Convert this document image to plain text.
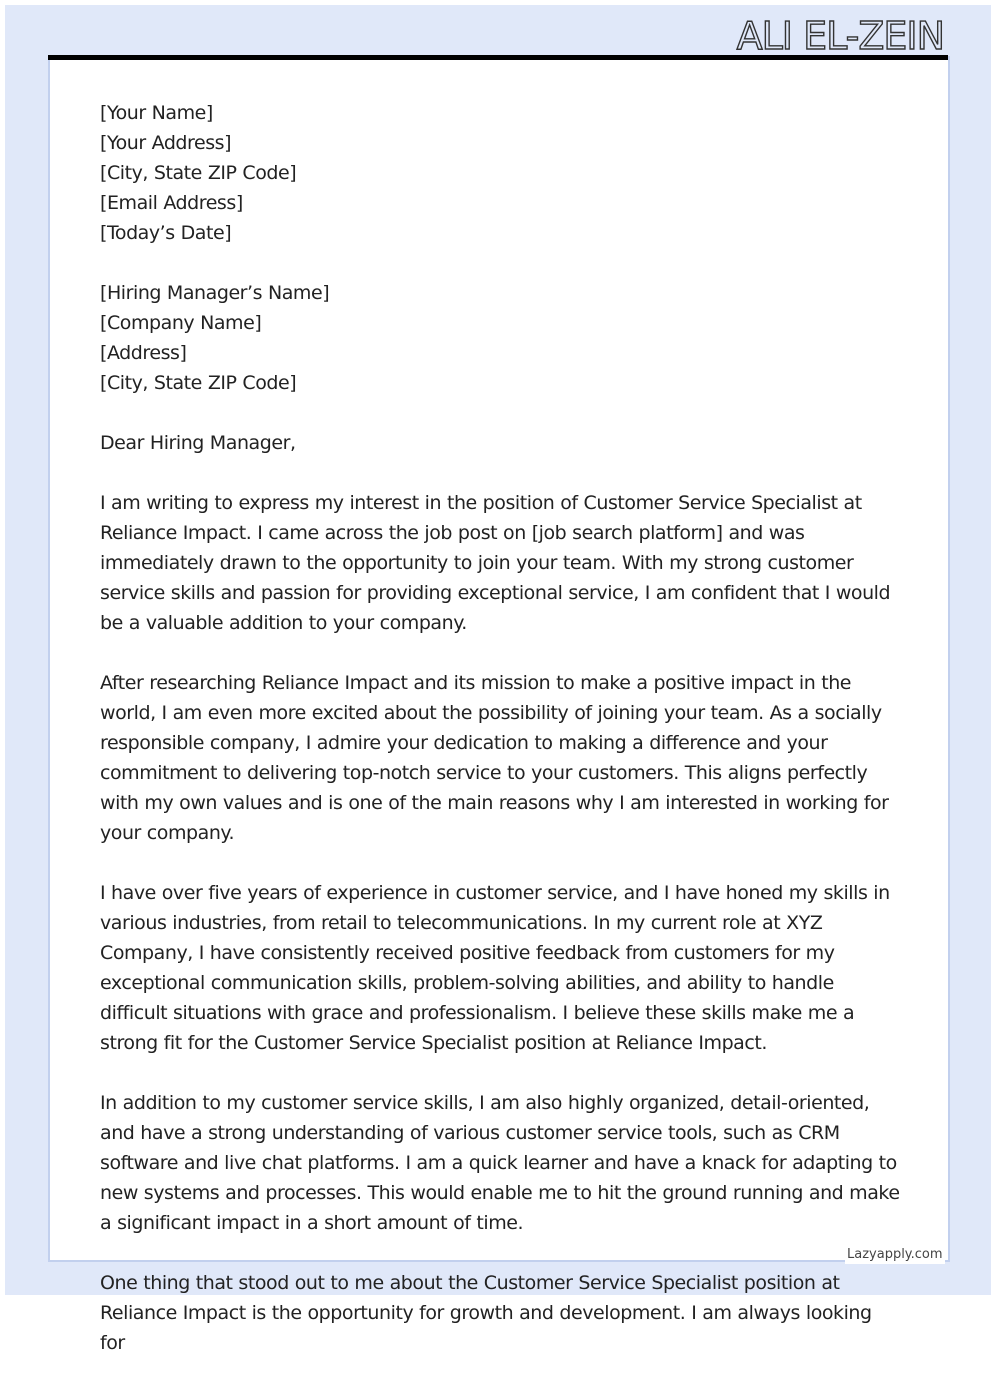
ALI EL-ZEIN
[Your Name]
[Your Address]
[City, State ZIP Code]
[Email Address]
[Today’s Date]
[Hiring Manager’s Name]
[Company Name]
[Address]
[City, State ZIP Code]

Dear Hiring Manager,

I am writing to express my interest in the position of Customer Service Specialist at Reliance Impact. I came across the job post on [job search platform] and was immediately drawn to the opportunity to join your team. With my strong customer service skills and passion for providing exceptional service, I am confident that I would be a valuable addition to your company.

After researching Reliance Impact and its mission to make a positive impact in the world, I am even more excited about the possibility of joining your team. As a socially responsible company, I admire your dedication to making a difference and your commitment to delivering top-notch service to your customers. This aligns perfectly with my own values and is one of the main reasons why I am interested in working for your company.

I have over five years of experience in customer service, and I have honed my skills in various industries, from retail to telecommunications. In my current role at XYZ Company, I have consistently received positive feedback from customers for my exceptional communication skills, problem-solving abilities, and ability to handle difficult situations with grace and professionalism. I believe these skills make me a strong fit for the Customer Service Specialist position at Reliance Impact.

In addition to my customer service skills, I am also highly organized, detail-oriented, and have a strong understanding of various customer service tools, such as CRM software and live chat platforms. I am a quick learner and have a knack for adapting to new systems and processes. This would enable me to hit the ground running and make a significant impact in a short amount of time.

One thing that stood out to me about the Customer Service Specialist position at Reliance Impact is the opportunity for growth and development. I am always looking for

Lazyapply.com
